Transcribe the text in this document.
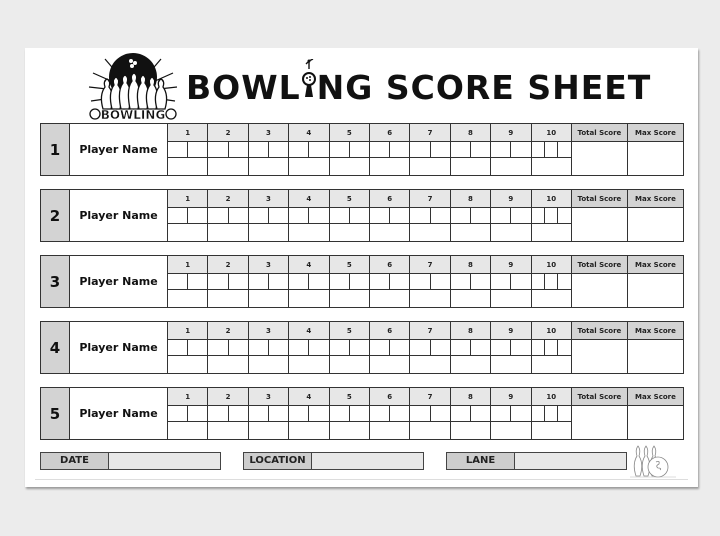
BOWLING
BOWL NG SCORE SHEET
1	Player Name	1	2	3	4	5	6	7	8	9	10	Total Score	Max Score

2	Player Name	1	2	3	4	5	6	7	8	9	10	Total Score	Max Score

3	Player Name	1	2	3	4	5	6	7	8	9	10	Total Score	Max Score

4	Player Name	1	2	3	4	5	6	7	8	9	10	Total Score	Max Score

5	Player Name	1	2	3	4	5	6	7	8	9	10	Total Score	Max Score

DATE	LOCATION	LANE
